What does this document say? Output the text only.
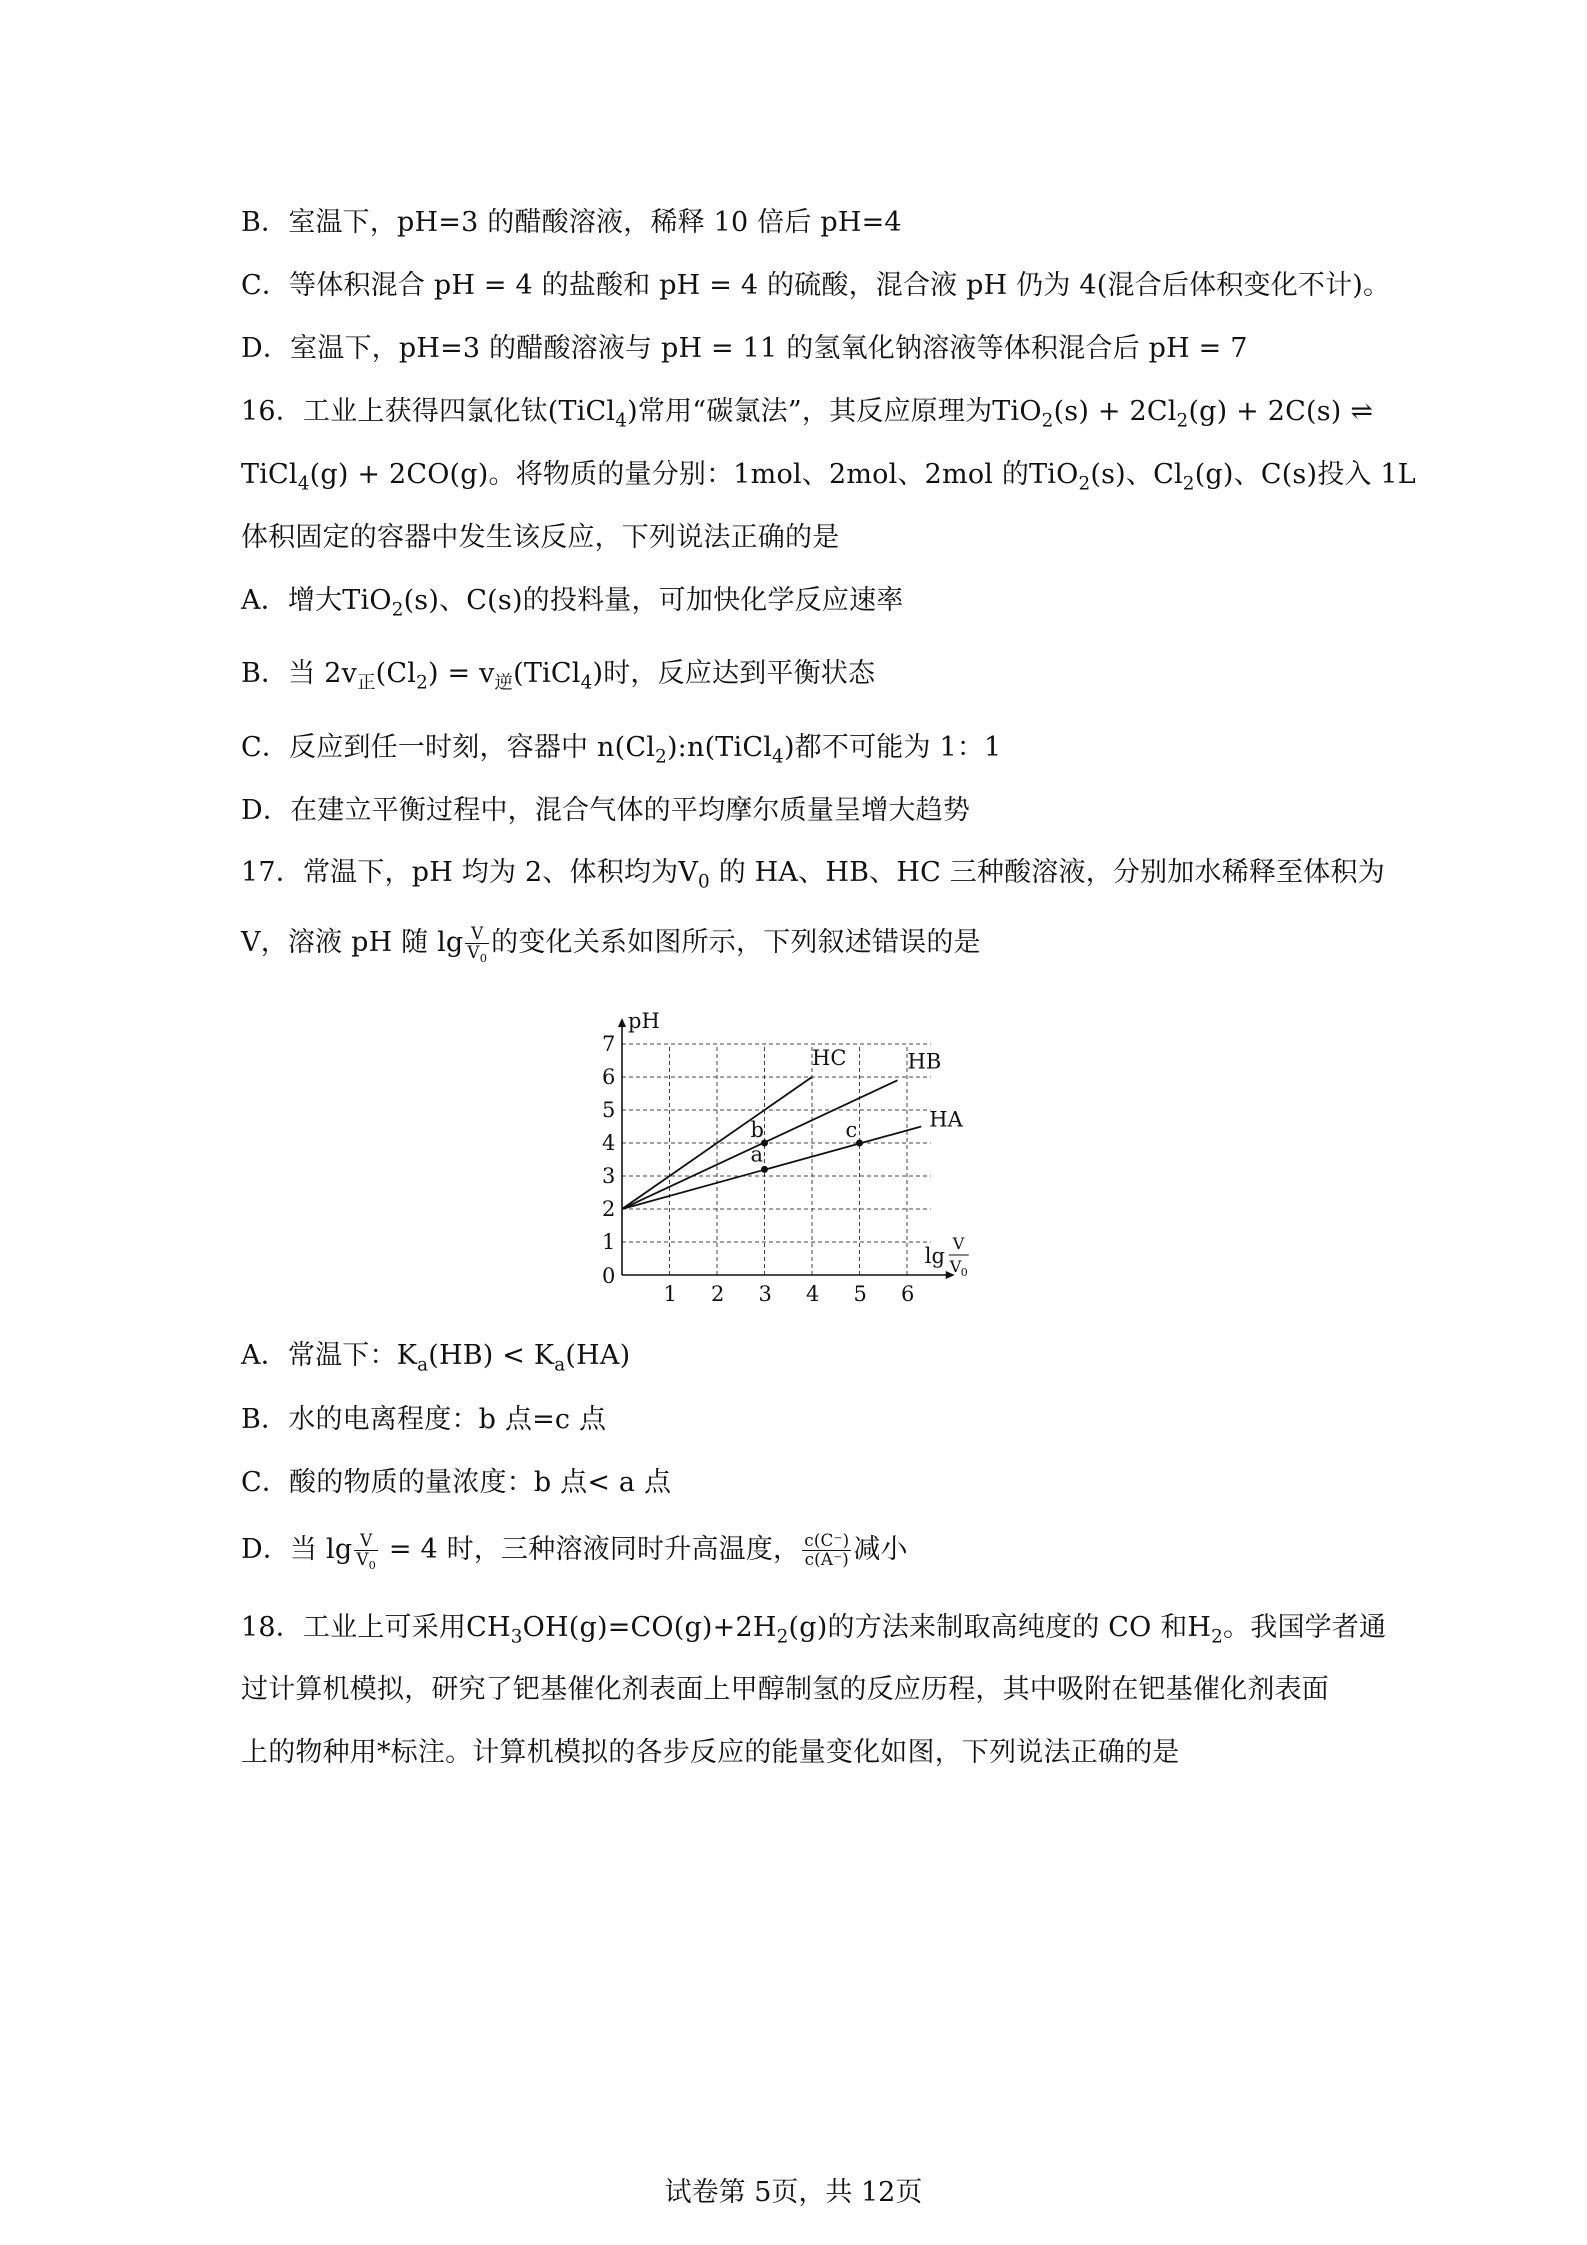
B．室温下，pH=3 的醋酸溶液，稀释 10 倍后 pH=4
C．等体积混合 pH = 4 的盐酸和 pH = 4 的硫酸，混合液 pH 仍为 4(混合后体积变化不计)。
D．室温下，pH=3 的醋酸溶液与 pH = 11 的氢氧化钠溶液等体积混合后 pH = 7
16．工业上获得四氯化钛(TiCl$_4$)常用“碳氯法”，其反应原理为$TiO_2(s) + 2Cl_2(g) + 2C(s)$ ⇌
TiCl$_4$(g) + 2CO(g)。将物质的量分别：1mol、2mol、2mol 的TiO$_2$(s)、$Cl_2(g)$、C(s)投入 1L
体积固定的容器中发生该反应，下列说法正确的是
A．增大TiO$_2$(s)、C(s)的投料量，可加快化学反应速率
B．当 $2v_正(Cl_2)$ = $v_逆(TiCl_4)$时，反应达到平衡状态
C．反应到任一时刻，容器中 $n(Cl_2):n(TiCl_4)$都不可能为 1：1
D．在建立平衡过程中，混合气体的平均摩尔质量呈增大趋势
17．常温下，pH 均为 2、体积均为$V_0$ 的 HA、HB、HC 三种酸溶液，分别加水稀释至体积为
V，溶液 pH 随 $\lg \frac{V}{V_0}$ 的变化关系如图所示，下列叙述错误的是
pH
0
1 2 3 4 5 6
1
2
3
4
5
6
7
lg
V
V 0
HC	HB
HA
b
a
c
A．常温下：$K_a(HB) < K_a(HA)$
B．水的电离程度：b 点=c 点
C．酸的物质的量浓度：b 点< a 点
D．当 $\lg \frac{V}{V_0} = 4$ 时，三种溶液同时升高温度， $\frac{c(C^-)}{c(A^-)}$ 减小
18．工业上可采用$CH_3OH(g)=CO(g)+2H_2(g)$的方法来制取高纯度的 CO 和$H_2$。我国学者通
过计算机模拟，研究了钯基催化剂表面上甲醇制氢的反应历程，其中吸附在钯基催化剂表面
上的物种用*标注。计算机模拟的各步反应的能量变化如图，下列说法正确的是
试卷第 5页，共 12页
